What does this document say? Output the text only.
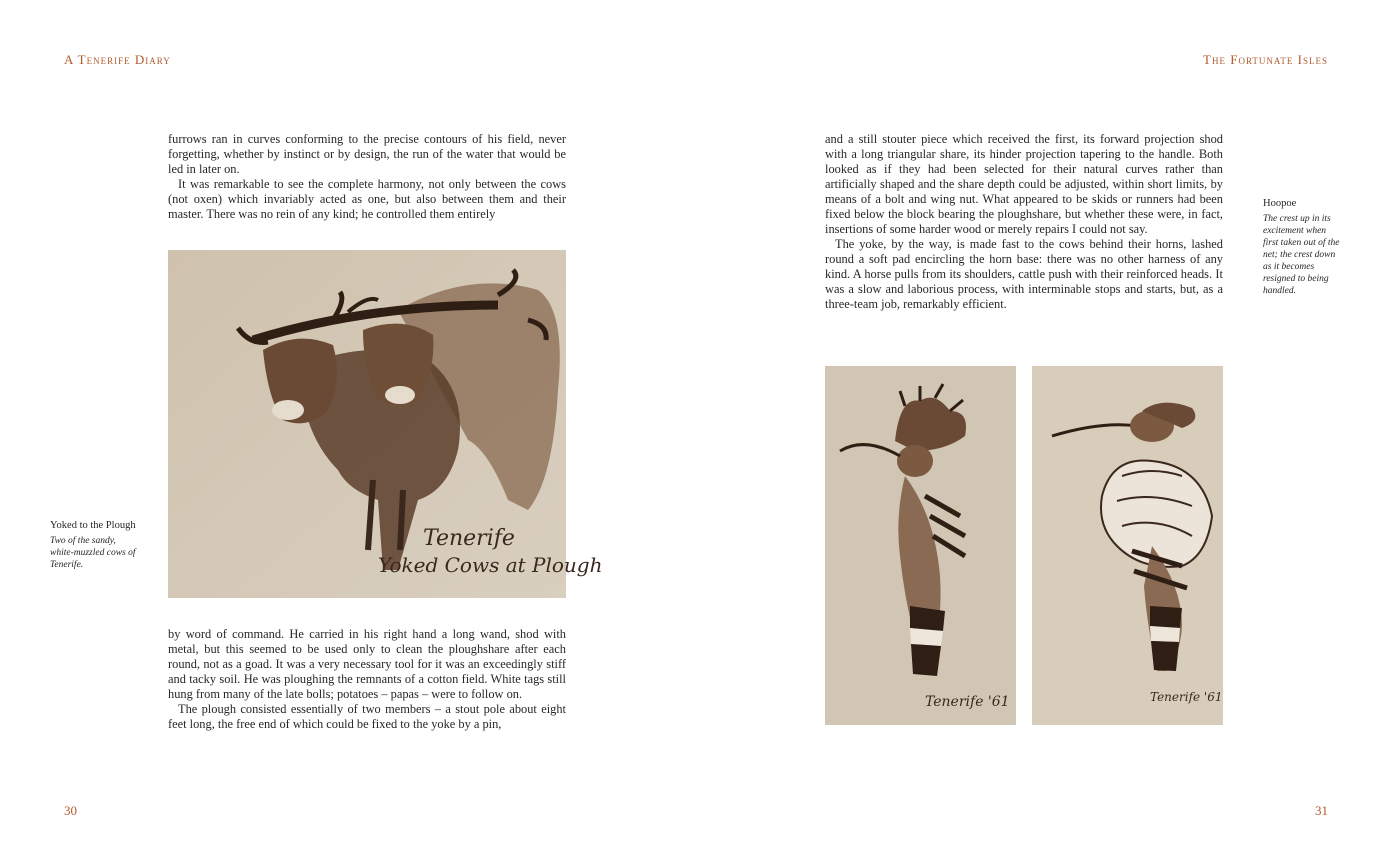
A Tenerife Diary

furrows ran in curves conforming to the precise contours of his field, never forgetting, whether by instinct or by design, the run of the water that would be led in later on.

It was remarkable to see the complete harmony, not only between the cows (not oxen) which invariably acted as one, but also between them and their master. There was no rein of any kind; he controlled them entirely

Tenerife
Yoked Cows at Plough
Yoked to the Plough
Two of the sandy, white-muzzled cows of Tenerife.

by word of command. He carried in his right hand a long wand, shod with metal, but this seemed to be used only to clean the ploughshare after each round, not as a goad. It was a very necessary tool for it was an exceedingly stiff and tacky soil. He was ploughing the remnants of a cotton field. White tags still hung from many of the late bolls; potatoes – papas – were to follow on.

The plough consisted essentially of two members – a stout pole about eight feet long, the free end of which could be fixed to the yoke by a pin,

30
The Fortunate Isles

and a still stouter piece which received the first, its forward projection shod with a long triangular share, its hinder projection tapering to the handle. Both looked as if they had been selected for their natural curves rather than artificially shaped and the share depth could be adjusted, within short limits, by means of a bolt and wing nut. What appeared to be skids or runners had been fixed below the block bearing the ploughshare, but whether these were, in fact, insertions of some harder wood or merely repairs I could not say.

The yoke, by the way, is made fast to the cows behind their horns, lashed round a soft pad encircling the horn base: there was no other harness of any kind. A horse pulls from its shoulders, cattle push with their reinforced heads. It was a slow and laborious process, with interminable stops and starts, but, as a three-team job, remarkably efficient.

Hoopoe
The crest up in its excitement when first taken out of the net; the crest down as it becomes resigned to being handled.
Tenerife '61	Tenerife '61
31
